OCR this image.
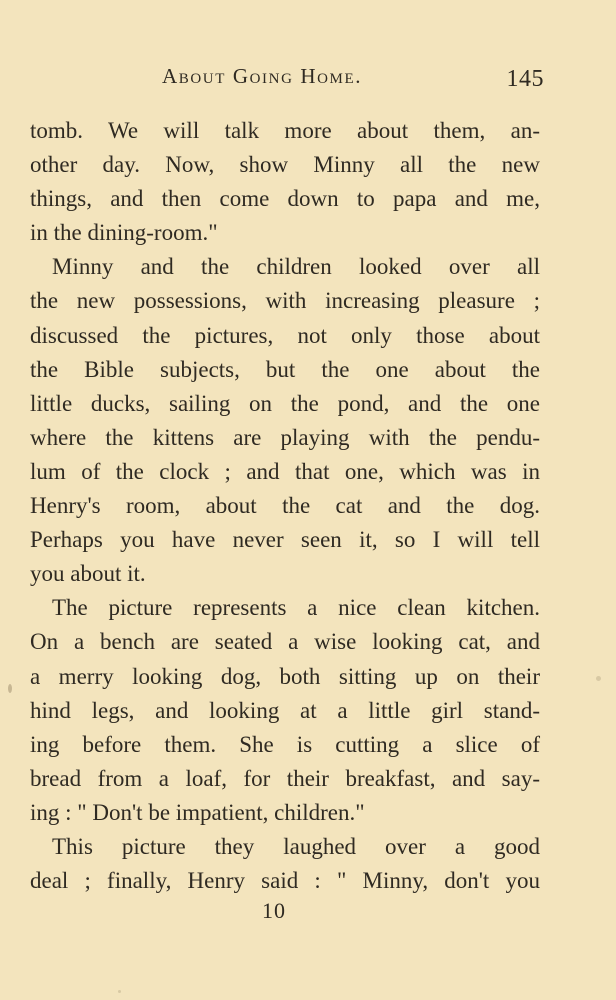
About Going Home.	145
tomb. We will talk more about them, an-
other day. Now, show Minny all the new
things, and then come down to papa and me,
in the dining-room."
Minny and the children looked over all
the new possessions, with increasing pleasure ;
discussed the pictures, not only those about
the Bible subjects, but the one about the
little ducks, sailing on the pond, and the one
where the kittens are playing with the pendu-
lum of the clock ; and that one, which was in
Henry's room, about the cat and the dog.
Perhaps you have never seen it, so I will tell
you about it.
The picture represents a nice clean kitchen.
On a bench are seated a wise looking cat, and
a merry looking dog, both sitting up on their
hind legs, and looking at a little girl stand-
ing before them. She is cutting a slice of
bread from a loaf, for their breakfast, and say-
ing : " Don't be impatient, children."
This picture they laughed over a good
deal ; finally, Henry said : " Minny, don't you
10
